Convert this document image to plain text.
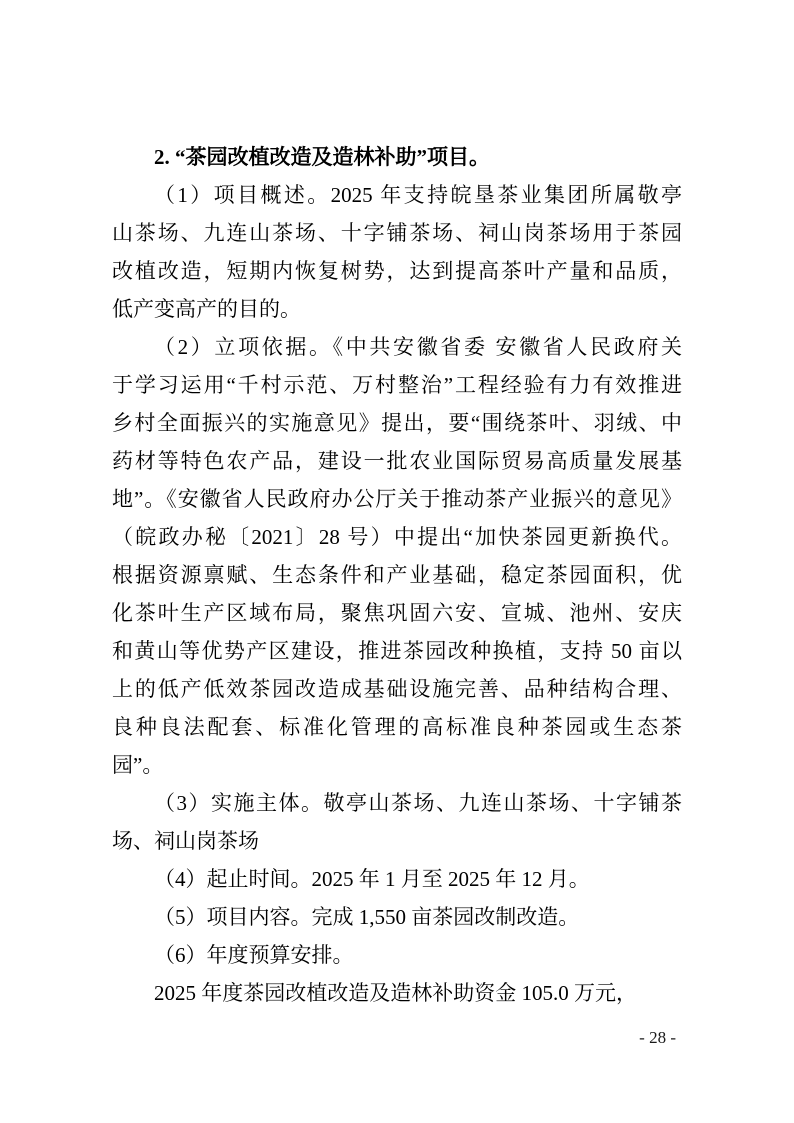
2. “茶园改植改造及造林补助”项目。
（1）项目概述。2025 年支持皖垦茶业集团所属敬亭
山茶场、九连山茶场、十字铺茶场、祠山岗茶场用于茶园
改植改造，短期内恢复树势，达到提高茶叶产量和品质，
低产变高产的目的。
（2）立项依据。《中共安徽省委 安徽省人民政府关
于学习运用“千村示范、万村整治”工程经验有力有效推进
乡村全面振兴的实施意见》提出，要“围绕茶叶、羽绒、中
药材等特色农产品，建设一批农业国际贸易高质量发展基
地”。《安徽省人民政府办公厅关于推动茶产业振兴的意见》
（皖政办秘〔2021〕28 号）中提出“加快茶园更新换代。
根据资源禀赋、生态条件和产业基础，稳定茶园面积，优
化茶叶生产区域布局，聚焦巩固六安、宣城、池州、安庆
和黄山等优势产区建设，推进茶园改种换植，支持 50 亩以
上的低产低效茶园改造成基础设施完善、品种结构合理、
良种良法配套、标准化管理的高标准良种茶园或生态茶
园”。
（3）实施主体。敬亭山茶场、九连山茶场、十字铺茶
场、祠山岗茶场
（4）起止时间。2025 年 1 月至 2025 年 12 月。
（5）项目内容。完成 1,550 亩茶园改制改造。
（6）年度预算安排。
2025 年度茶园改植改造及造林补助资金 105.0 万元，
- 28 -
